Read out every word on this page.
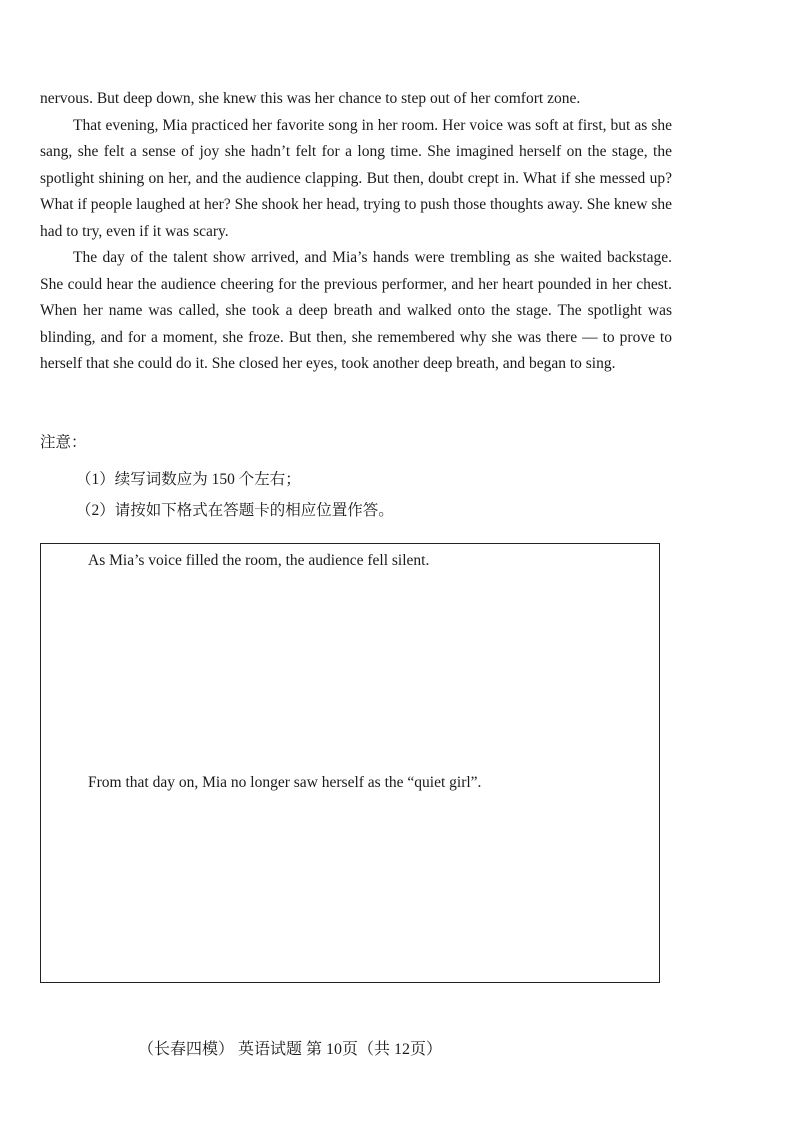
nervous. But deep down, she knew this was her chance to step out of her comfort zone.

That evening, Mia practiced her favorite song in her room. Her voice was soft at first, but as she sang, she felt a sense of joy she hadn’t felt for a long time. She imagined herself on the stage, the spotlight shining on her, and the audience clapping. But then, doubt crept in. What if she messed up? What if people laughed at her? She shook her head, trying to push those thoughts away. She knew she had to try, even if it was scary.

The day of the talent show arrived, and Mia’s hands were trembling as she waited backstage. She could hear the audience cheering for the previous performer, and her heart pounded in her chest. When her name was called, she took a deep breath and walked onto the stage. The spotlight was blinding, and for a moment, she froze. But then, she remembered why she was there — to prove to herself that she could do it. She closed her eyes, took another deep breath, and began to sing.

注意：

（1）续写词数应为 150 个左右；

（2）请按如下格式在答题卡的相应位置作答。

As Mia’s voice filled the room, the audience fell silent.

From that day on, Mia no longer saw herself as the “quiet girl”.

（长春四模） 英语试题 第 10页（共 12页）
